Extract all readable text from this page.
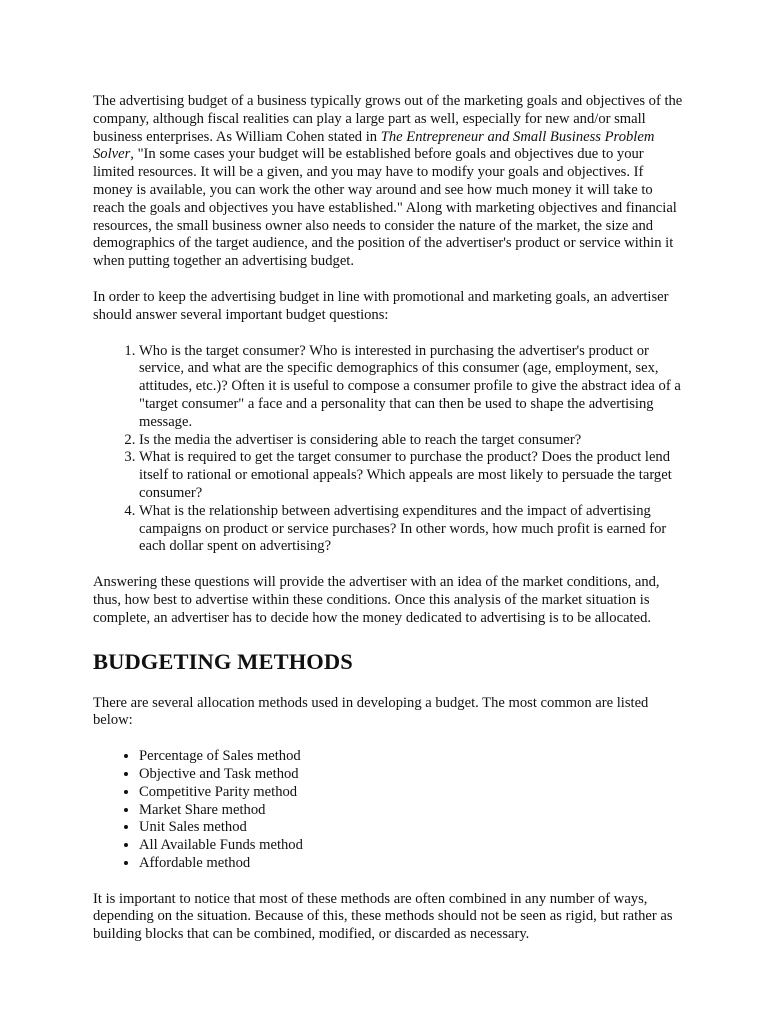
The advertising budget of a business typically grows out of the marketing goals and objectives of the company, although fiscal realities can play a large part as well, especially for new and/or small business enterprises. As William Cohen stated in The Entrepreneur and Small Business Problem Solver, "In some cases your budget will be established before goals and objectives due to your limited resources. It will be a given, and you may have to modify your goals and objectives. If money is available, you can work the other way around and see how much money it will take to reach the goals and objectives you have established." Along with marketing objectives and financial resources, the small business owner also needs to consider the nature of the market, the size and demographics of the target audience, and the position of the advertiser's product or service within it when putting together an advertising budget.

In order to keep the advertising budget in line with promotional and marketing goals, an advertiser should answer several important budget questions:

1. Who is the target consumer? Who is interested in purchasing the advertiser's product or service, and what are the specific demographics of this consumer (age, employment, sex, attitudes, etc.)? Often it is useful to compose a consumer profile to give the abstract idea of a "target consumer" a face and a personality that can then be used to shape the advertising message.
2. Is the media the advertiser is considering able to reach the target consumer?
3. What is required to get the target consumer to purchase the product? Does the product lend itself to rational or emotional appeals? Which appeals are most likely to persuade the target consumer?
4. What is the relationship between advertising expenditures and the impact of advertising campaigns on product or service purchases? In other words, how much profit is earned for each dollar spent on advertising?

Answering these questions will provide the advertiser with an idea of the market conditions, and, thus, how best to advertise within these conditions. Once this analysis of the market situation is complete, an advertiser has to decide how the money dedicated to advertising is to be allocated.

BUDGETING METHODS

There are several allocation methods used in developing a budget. The most common are listed below:

• Percentage of Sales method
• Objective and Task method
• Competitive Parity method
• Market Share method
• Unit Sales method
• All Available Funds method
• Affordable method

It is important to notice that most of these methods are often combined in any number of ways, depending on the situation. Because of this, these methods should not be seen as rigid, but rather as building blocks that can be combined, modified, or discarded as necessary.
